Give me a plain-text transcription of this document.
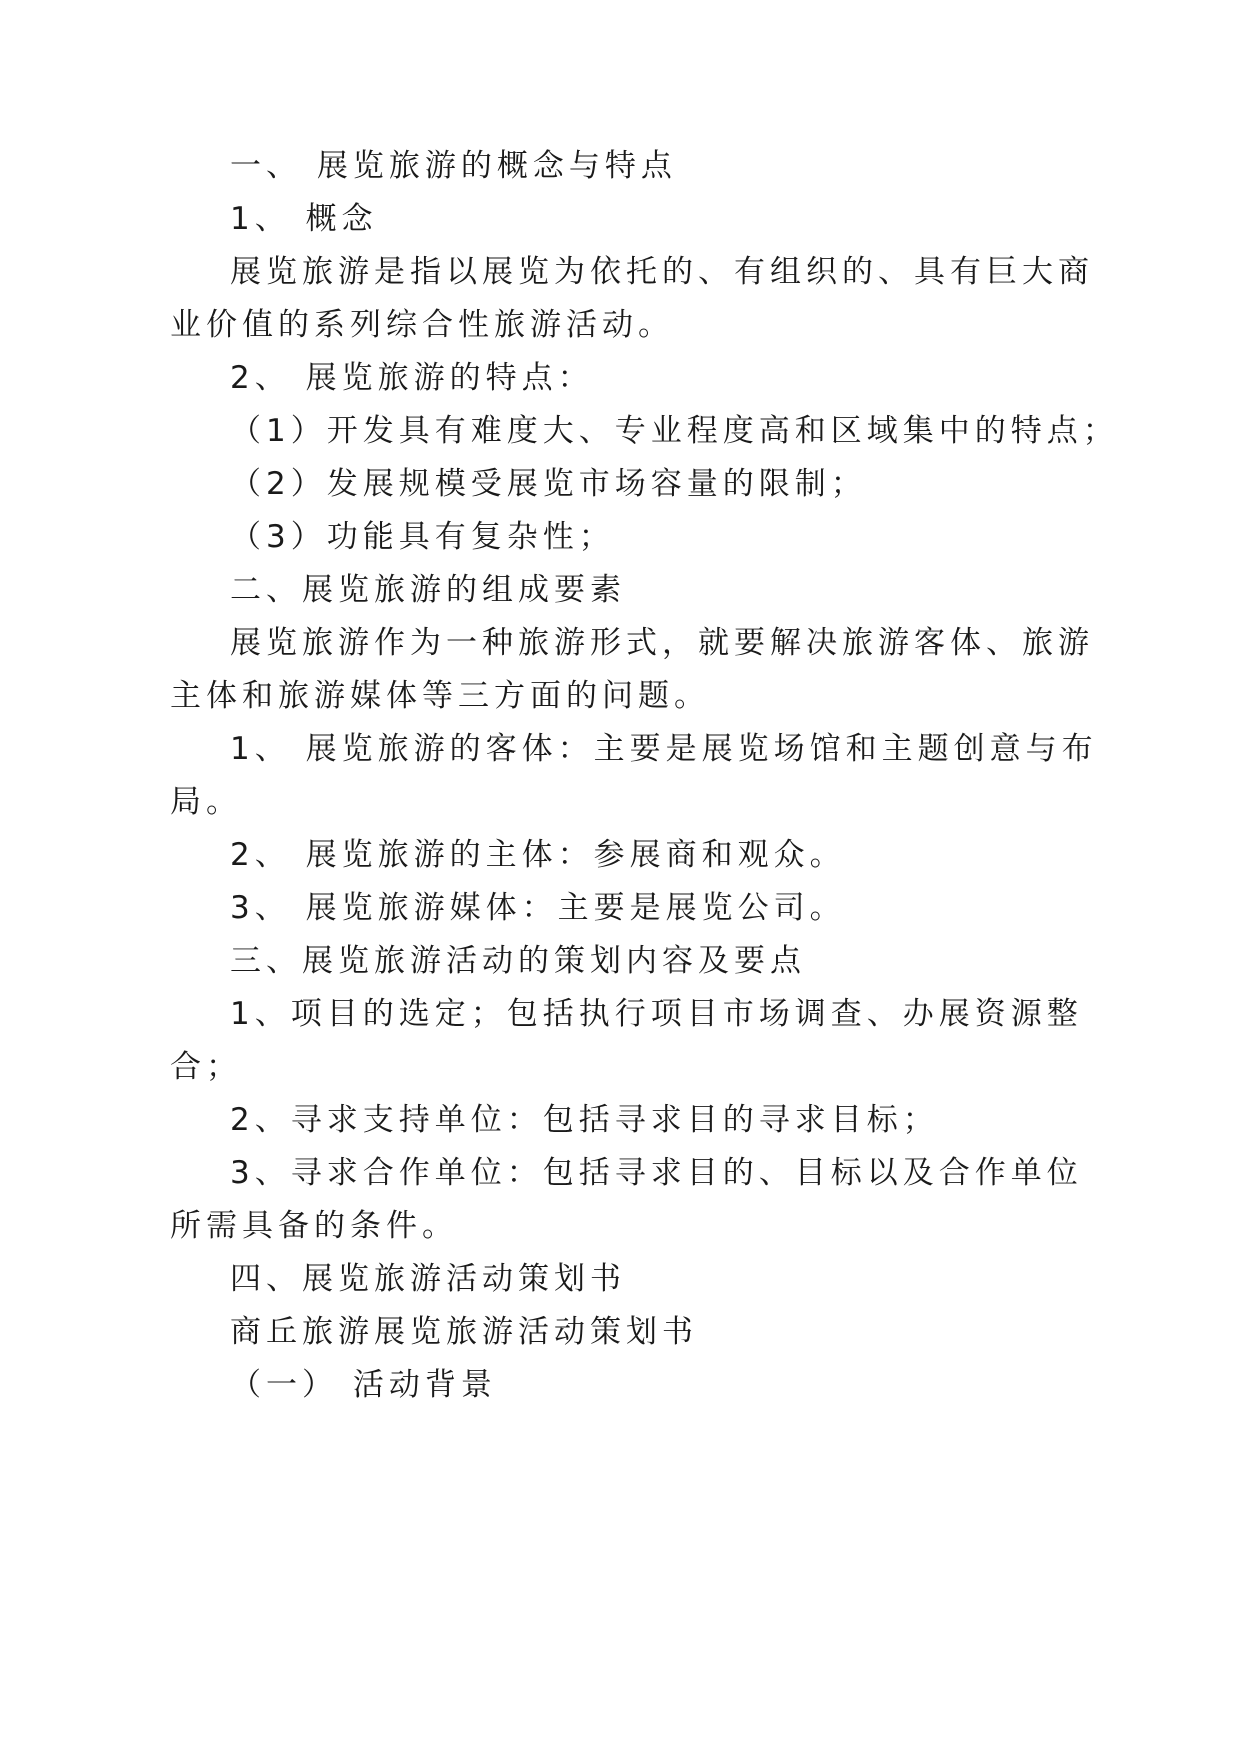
一、 展览旅游的概念与特点
1、 概念
展览旅游是指以展览为依托的、有组织的、具有巨大商
业价值的系列综合性旅游活动。
2、 展览旅游的特点：
（1）开发具有难度大、专业程度高和区域集中的特点；
（2）发展规模受展览市场容量的限制；
（3）功能具有复杂性；
二、展览旅游的组成要素
展览旅游作为一种旅游形式，就要解决旅游客体、旅游
主体和旅游媒体等三方面的问题。
1、 展览旅游的客体：主要是展览场馆和主题创意与布
局。
2、 展览旅游的主体：参展商和观众。
3、 展览旅游媒体：主要是展览公司。
三、展览旅游活动的策划内容及要点
1、项目的选定；包括执行项目市场调查、办展资源整
合；
2、寻求支持单位：包括寻求目的寻求目标；
3、寻求合作单位：包括寻求目的、目标以及合作单位
所需具备的条件。
四、展览旅游活动策划书
商丘旅游展览旅游活动策划书
（一） 活动背景
